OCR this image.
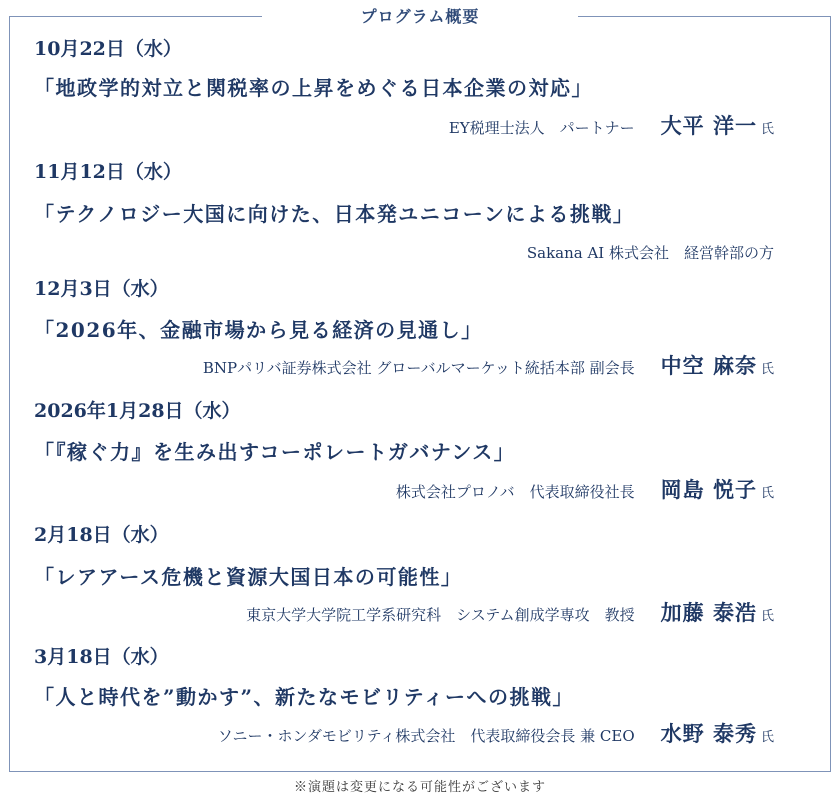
プログラム概要
10月22日（水）
「地政学的対立と関税率の上昇をめぐる日本企業の対応」
EY税理士法人　パートナー 大平 洋一 氏
11月12日（水）
「テクノロジー大国に向けた、日本発ユニコーンによる挑戦」
Sakana AI 株式会社　経営幹部の方
12月3日（水）
「2026年、金融市場から見る経済の見通し」
BNPパリバ証券株式会社 グローバルマーケット統括本部 副会長 中空 麻奈 氏
2026年1月28日（水）
「『稼ぐ力』を生み出すコーポレートガバナンス」
株式会社プロノバ　代表取締役社長 岡島 悦子 氏
2月18日（水）
「レアアース危機と資源大国日本の可能性」
東京大学大学院工学系研究科　システム創成学専攻　教授 加藤 泰浩 氏
3月18日（水）
「人と時代を”動かす”、新たなモビリティーへの挑戦」
ソニー・ホンダモビリティ株式会社　代表取締役会長 兼 CEO 水野 泰秀 氏
※演題は変更になる可能性がございます
